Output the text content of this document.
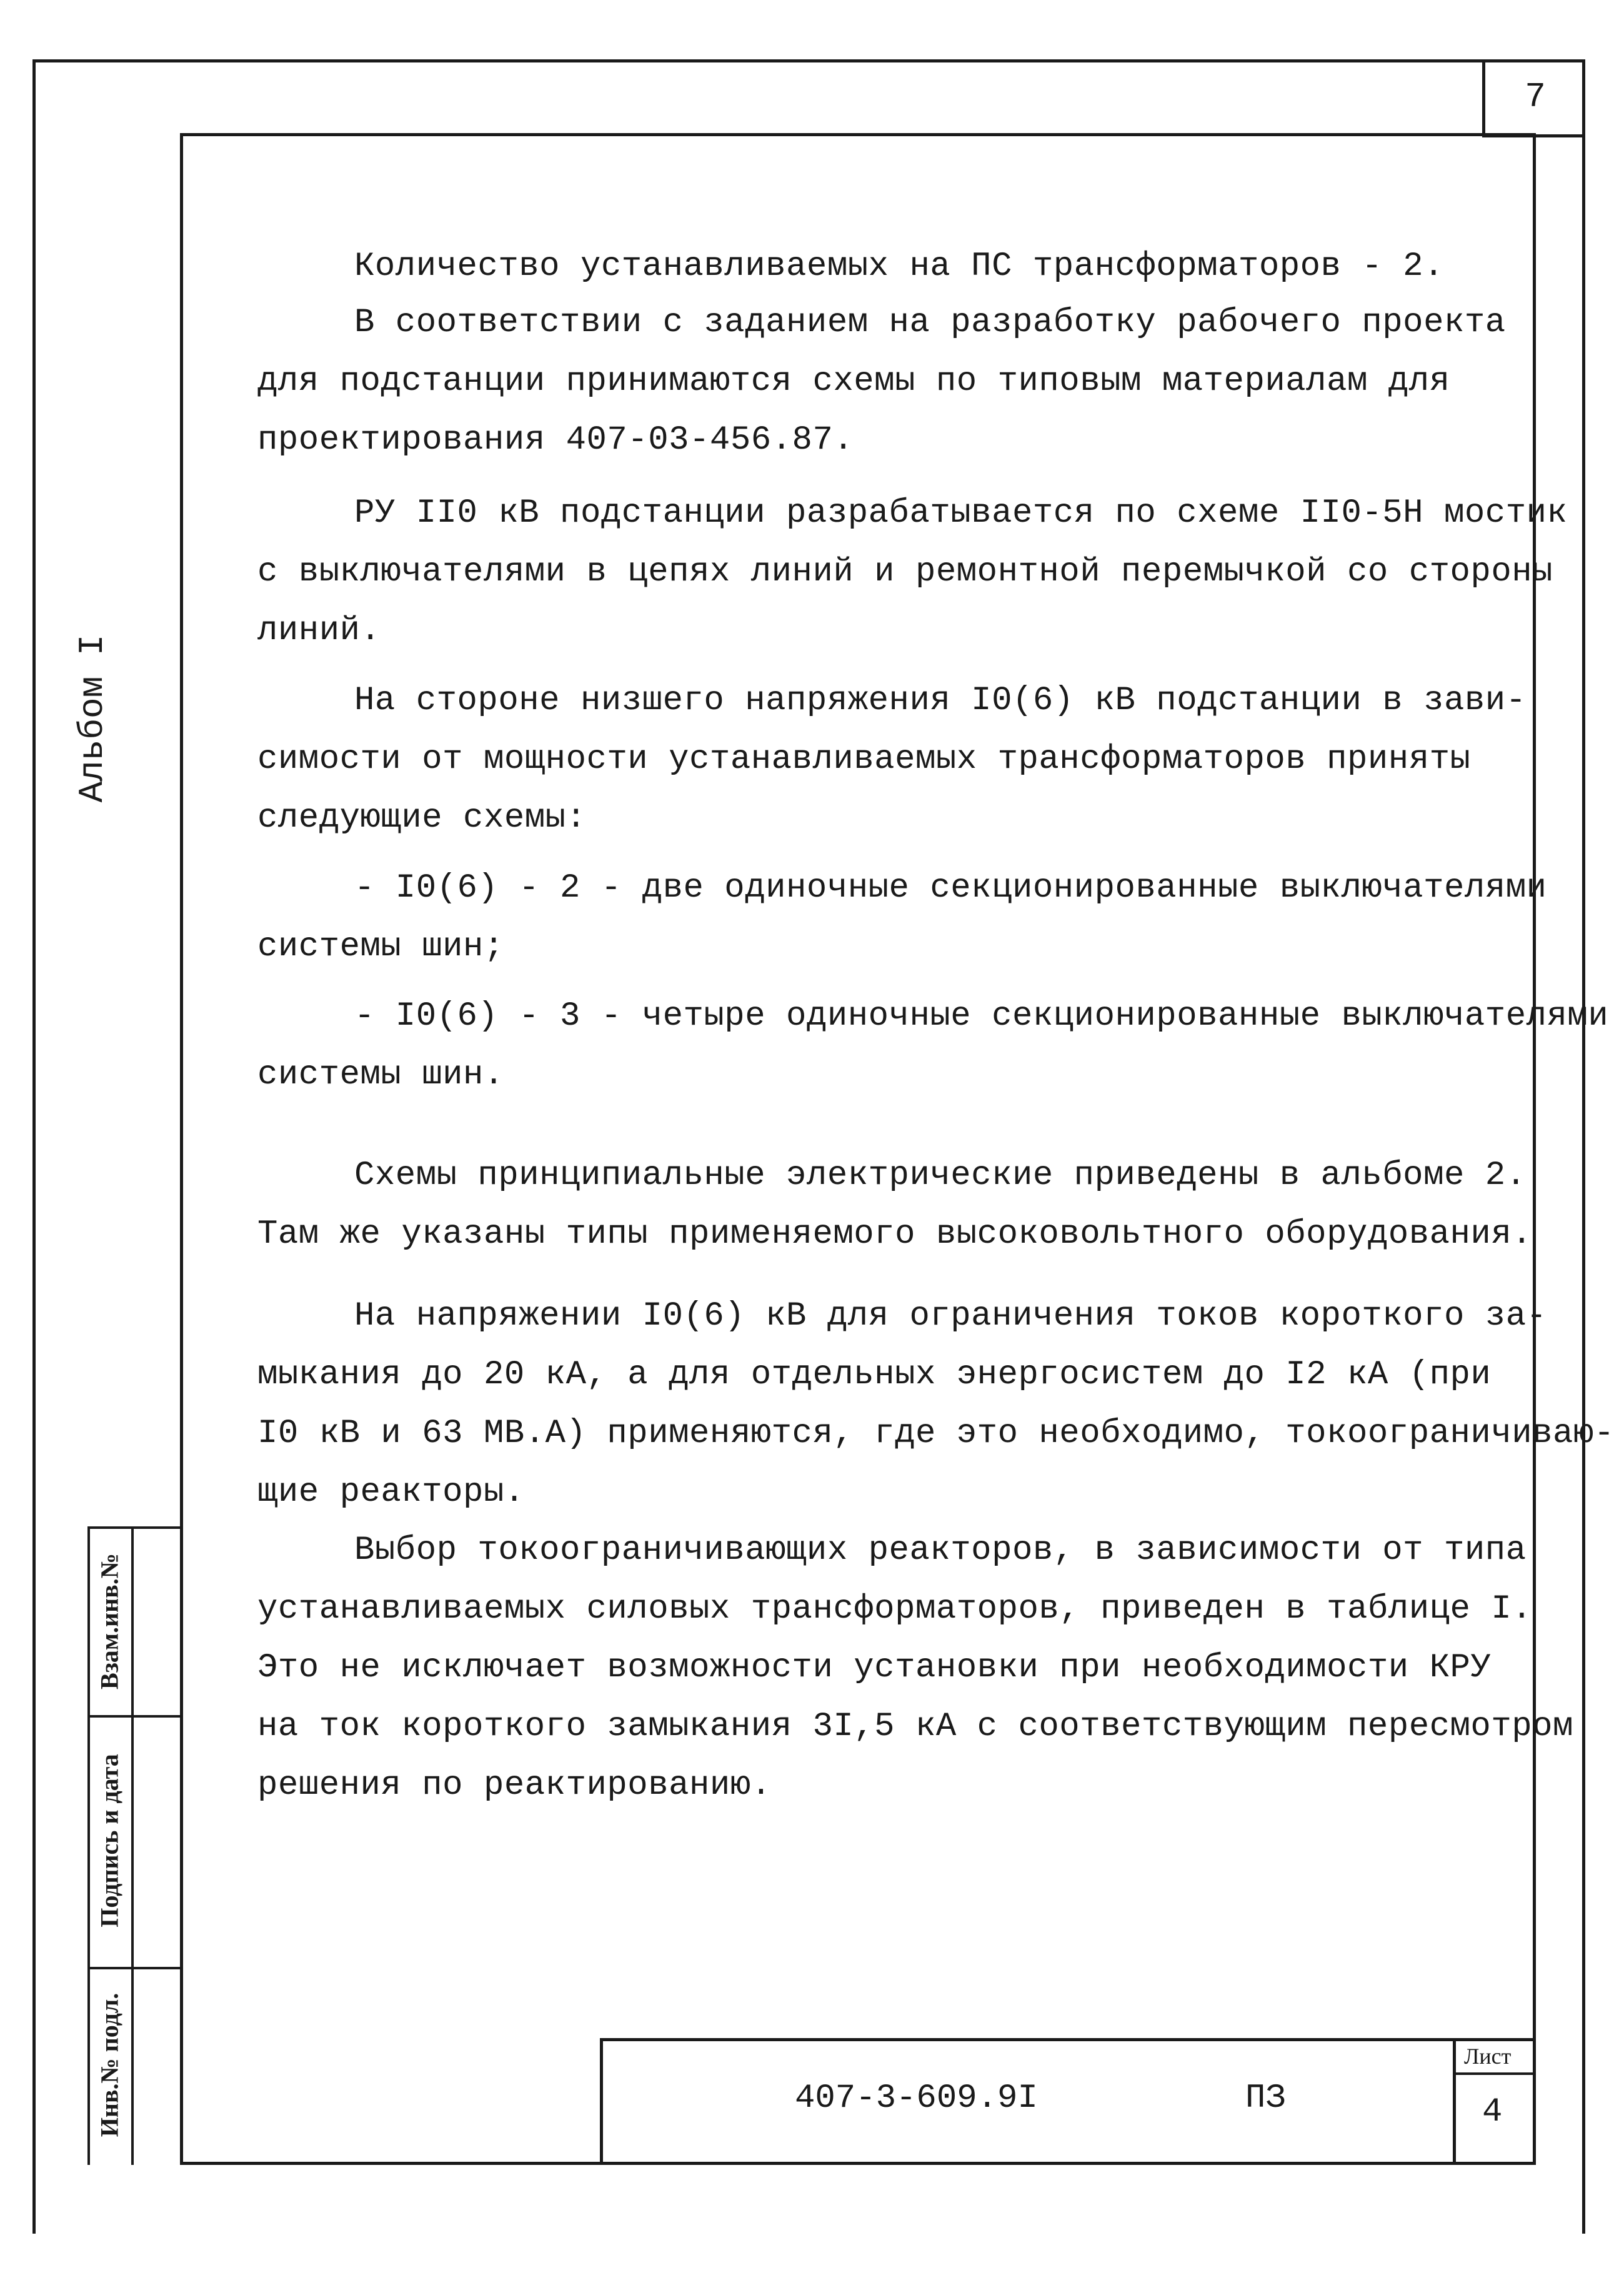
7
Альбом I
Взам.инв.№
Подпись и дата
Инв.№ подл.

Количество устанавливаемых на ПС трансформаторов - 2.

В соответствии с заданием на разработку рабочего проекта
для подстанции принимаются схемы по типовым материалам для
проектирования 407-03-456.87.

РУ II0 кВ подстанции разрабатывается по схеме II0-5Н мостик
с выключателями в цепях линий и ремонтной перемычкой со стороны
линий.

На стороне низшего напряжения I0(6) кВ подстанции в зави-
симости от мощности устанавливаемых трансформаторов приняты
следующие схемы:

- I0(6) - 2 - две одиночные секционированные выключателями
системы шин;

- I0(6) - 3 - четыре одиночные секционированные выключателями
системы шин.

Схемы принципиальные электрические приведены в альбоме 2.
Там же указаны типы применяемого высоковольтного оборудования.

На напряжении I0(6) кВ для ограничения токов короткого за-
мыкания до 20 кА, а для отдельных энергосистем до I2 кА (при
I0 кВ и 63 МВ.А) применяются, где это необходимо, токоограничиваю-
щие реакторы.

Выбор токоограничивающих реакторов, в зависимости от типа
устанавливаемых силовых трансформаторов, приведен в таблице I.
Это не исключает возможности установки при необходимости КРУ
на ток короткого замыкания 3I,5 кА с соответствующим пересмотром
решения по реактированию.

407-3-609.9I	ПЗ
Лист
4
